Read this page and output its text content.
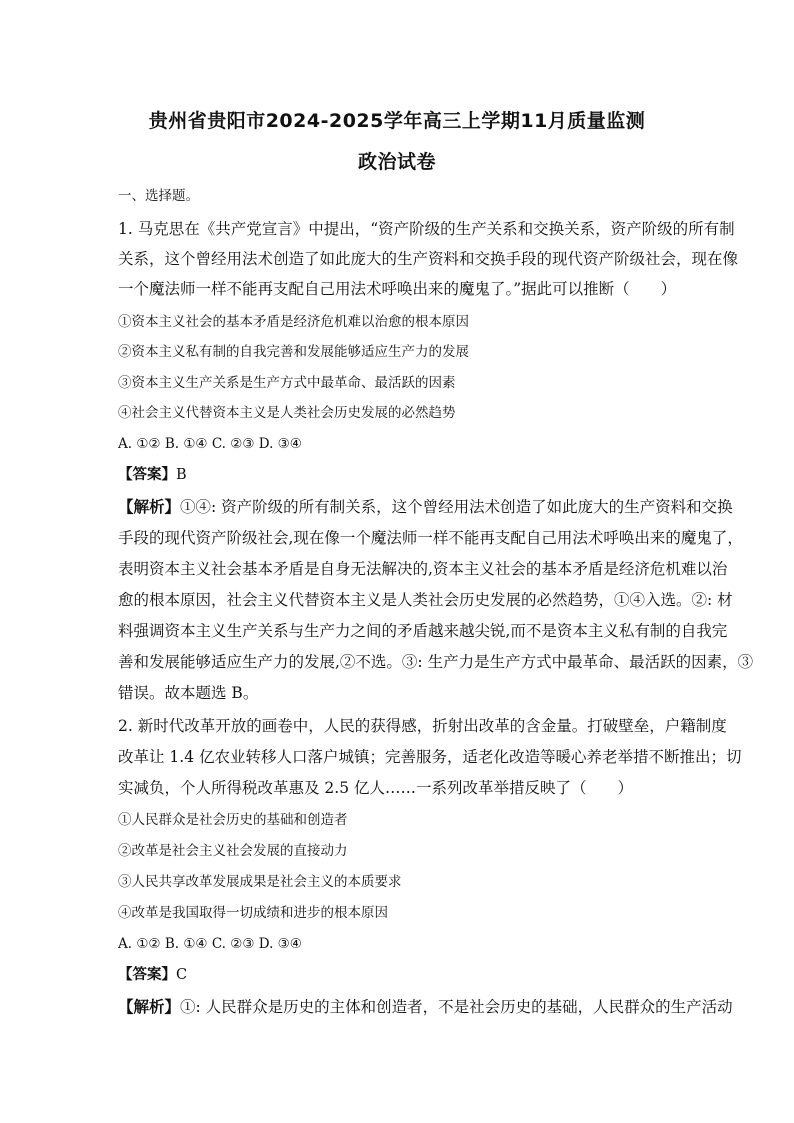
贵州省贵阳市2024-2025学年高三上学期11月质量监测
政治试卷
一、选择题。
1. 马克思在《共产党宣言》中提出，“资产阶级的生产关系和交换关系，资产阶级的所有制
关系，这个曾经用法术创造了如此庞大的生产资料和交换手段的现代资产阶级社会，现在像
一个魔法师一样不能再支配自己用法术呼唤出来的魔鬼了。”据此可以推断（　　）
①资本主义社会的基本矛盾是经济危机难以治愈的根本原因
②资本主义私有制的自我完善和发展能够适应生产力的发展
③资本主义生产关系是生产方式中最革命、最活跃的因素
④社会主义代替资本主义是人类社会历史发展的必然趋势
A. ①② B. ①④ C. ②③ D. ③④
【答案】B
【解析】①④: 资产阶级的所有制关系，这个曾经用法术创造了如此庞大的生产资料和交换
手段的现代资产阶级社会,现在像一个魔法师一样不能再支配自己用法术呼唤出来的魔鬼了，
表明资本主义社会基本矛盾是自身无法解决的,资本主义社会的基本矛盾是经济危机难以治
愈的根本原因，社会主义代替资本主义是人类社会历史发展的必然趋势，①④入选。②: 材
料强调资本主义生产关系与生产力之间的矛盾越来越尖锐,而不是资本主义私有制的自我完
善和发展能够适应生产力的发展,②不选。③: 生产力是生产方式中最革命、最活跃的因素，③
错误。故本题选 B。
2. 新时代改革开放的画卷中，人民的获得感，折射出改革的含金量。打破壁垒，户籍制度
改革让 1.4 亿农业转移人口落户城镇；完善服务，适老化改造等暖心养老举措不断推出；切
实减负，个人所得税改革惠及 2.5 亿人……一系列改革举措反映了（　　）
①人民群众是社会历史的基础和创造者
②改革是社会主义社会发展的直接动力
③人民共享改革发展成果是社会主义的本质要求
④改革是我国取得一切成绩和进步的根本原因
A. ①② B. ①④ C. ②③ D. ③④
【答案】C
【解析】①: 人民群众是历史的主体和创造者，不是社会历史的基础，人民群众的生产活动
